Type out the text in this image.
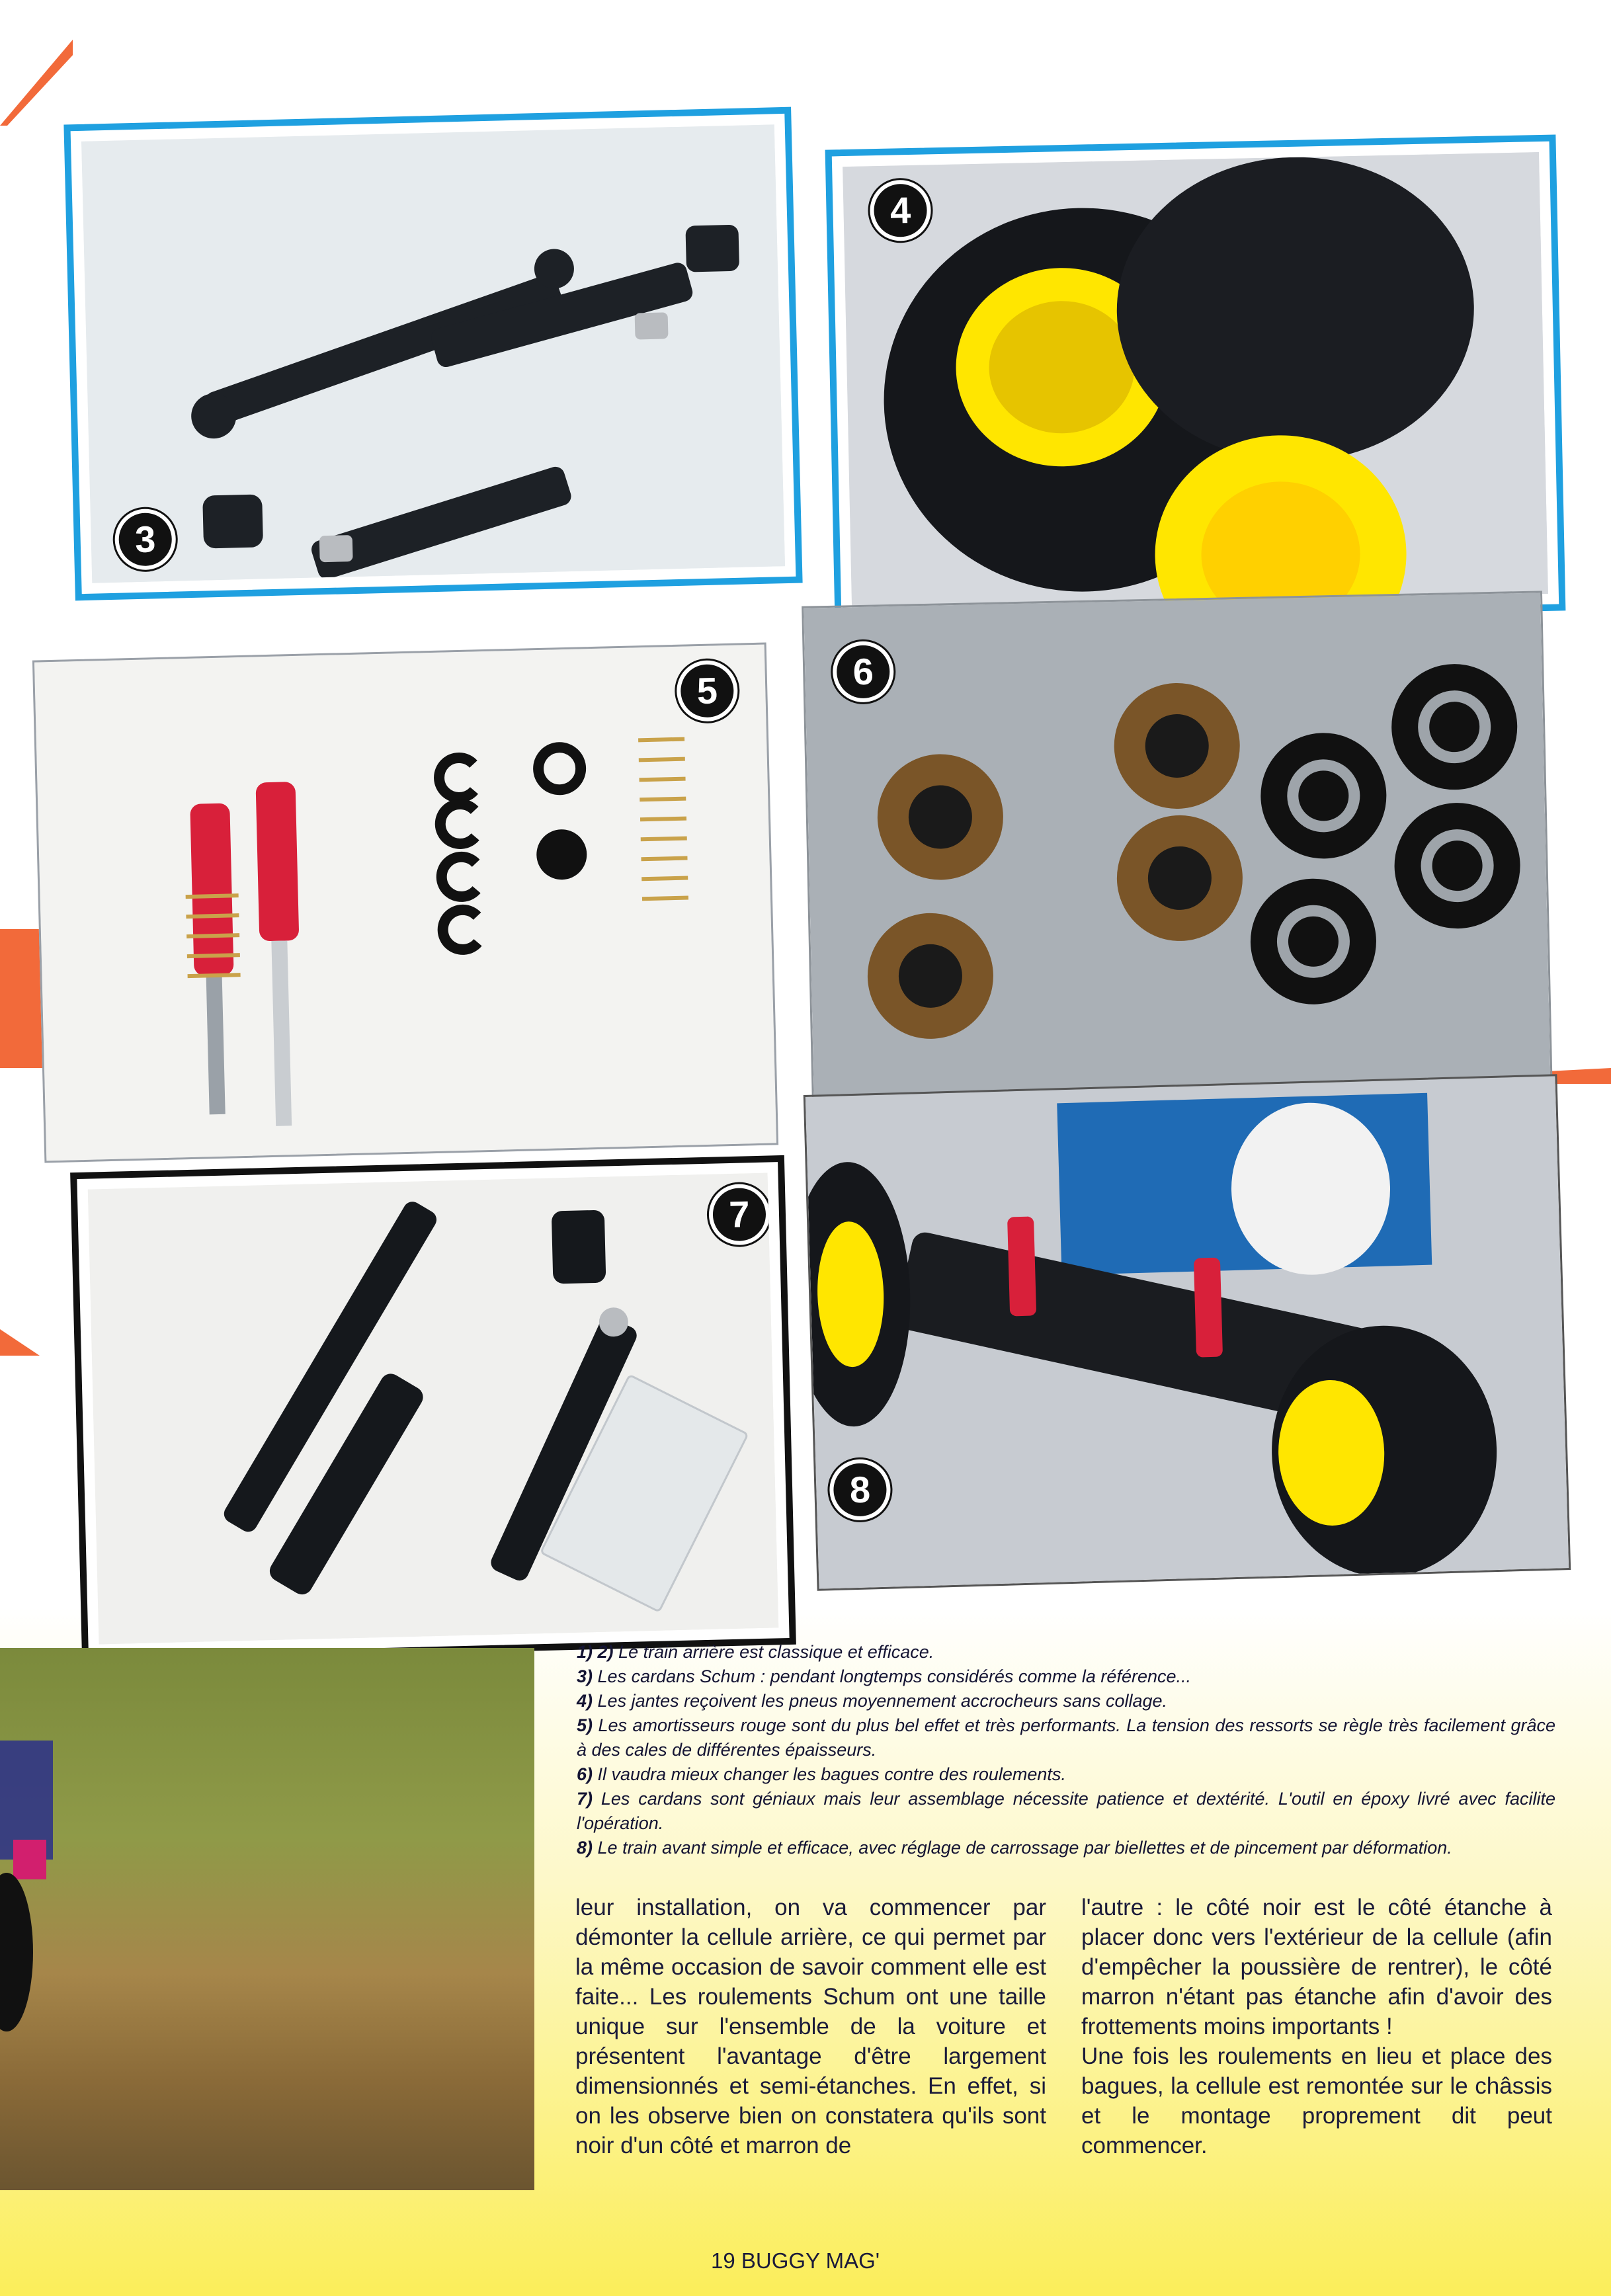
3
4
5	6
7
8

1) 2) Le train arrière est classique et efficace.

3) Les cardans Schum : pendant longtemps considérés comme la référence...

4) Les jantes reçoivent les pneus moyennement accrocheurs sans collage.

5) Les amortisseurs rouge sont du plus bel effet et très performants. La tension des ressorts se règle très facilement grâce à des cales de différentes épaisseurs.

6) Il vaudra mieux changer les bagues contre des roulements.

7) Les cardans sont géniaux mais leur assemblage nécessite patience et dextérité. L'outil en époxy livré avec facilite l'opération.

8) Le train avant simple et efficace, avec réglage de carrossage par biellettes et de pincement par déformation.

leur installation, on va commencer par démonter la cellule arrière, ce qui permet par la même occasion de savoir comment elle est faite... Les roulements Schum ont une taille unique sur l'ensemble de la voiture et présentent l'avantage d'être largement dimensionnés et semi-étanches. En effet, si on les observe bien on constatera qu'ils sont noir d'un côté et marron de

l'autre : le côté noir est le côté étanche à placer donc vers l'extérieur de la cellule (afin d'empêcher la poussière de rentrer), le côté marron n'étant pas étanche afin d'avoir des frottements moins importants !

Une fois les roulements en lieu et place des bagues, la cellule est remontée sur le châssis et le montage proprement dit peut commencer.

19 BUGGY MAG'
